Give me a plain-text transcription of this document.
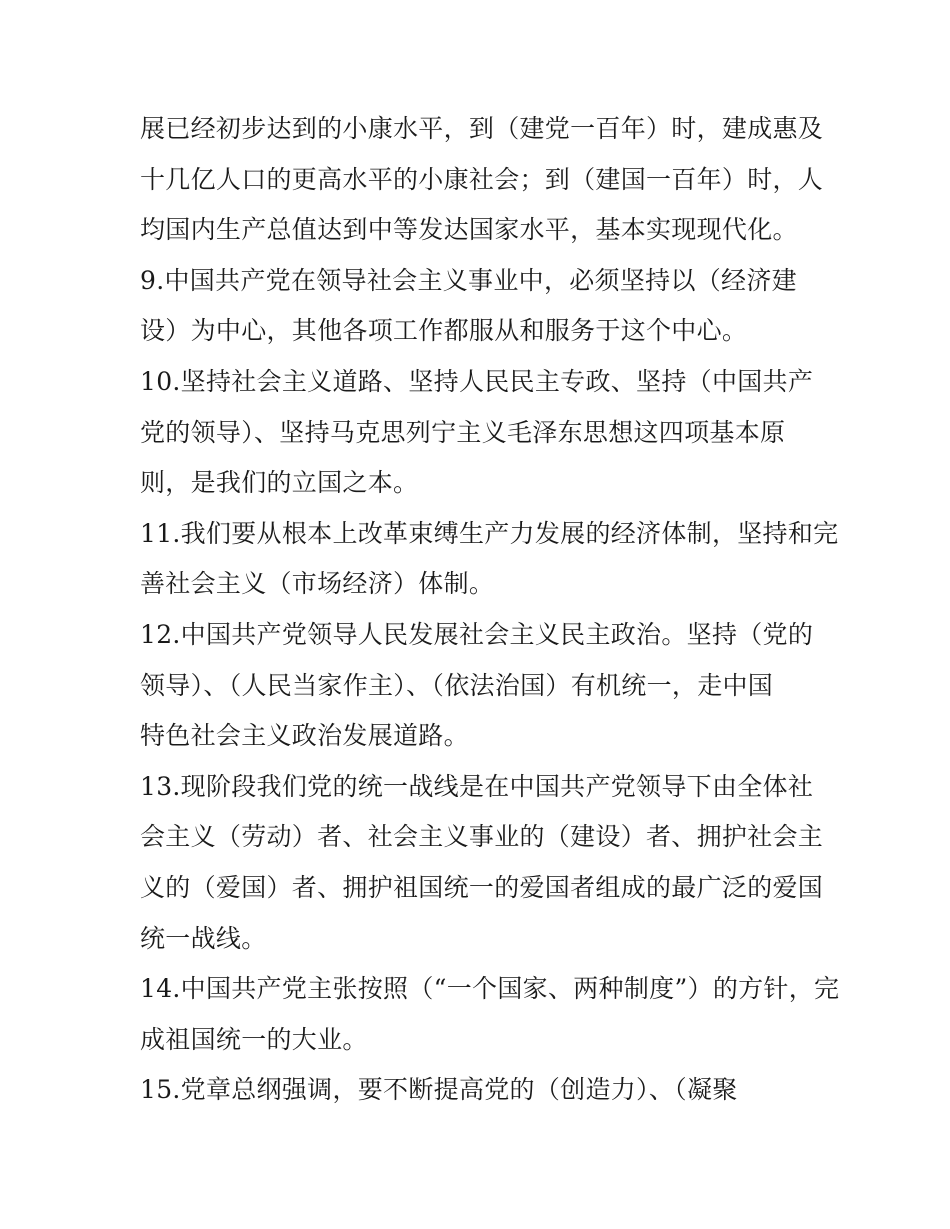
展已经初步达到的小康水平，到（建党一百年）时，建成惠及
十几亿人口的更高水平的小康社会；到（建国一百年）时，人
均国内生产总值达到中等发达国家水平，基本实现现代化。
9.中国共产党在领导社会主义事业中，必须坚持以（经济建
设）为中心，其他各项工作都服从和服务于这个中心。
10.坚持社会主义道路、坚持人民民主专政、坚持（中国共产
党的领导）、坚持马克思列宁主义毛泽东思想这四项基本原
则，是我们的立国之本。
11.我们要从根本上改革束缚生产力发展的经济体制，坚持和完
善社会主义（市场经济）体制。
12.中国共产党领导人民发展社会主义民主政治。坚持（党的
领导）、（人民当家作主）、（依法治国）有机统一，走中国
特色社会主义政治发展道路。
13.现阶段我们党的统一战线是在中国共产党领导下由全体社
会主义（劳动）者、社会主义事业的（建设）者、拥护社会主
义的（爱国）者、拥护祖国统一的爱国者组成的最广泛的爱国
统一战线。
14.中国共产党主张按照（“一个国家、两种制度”）的方针，完
成祖国统一的大业。
15.党章总纲强调，要不断提高党的（创造力）、（凝聚
